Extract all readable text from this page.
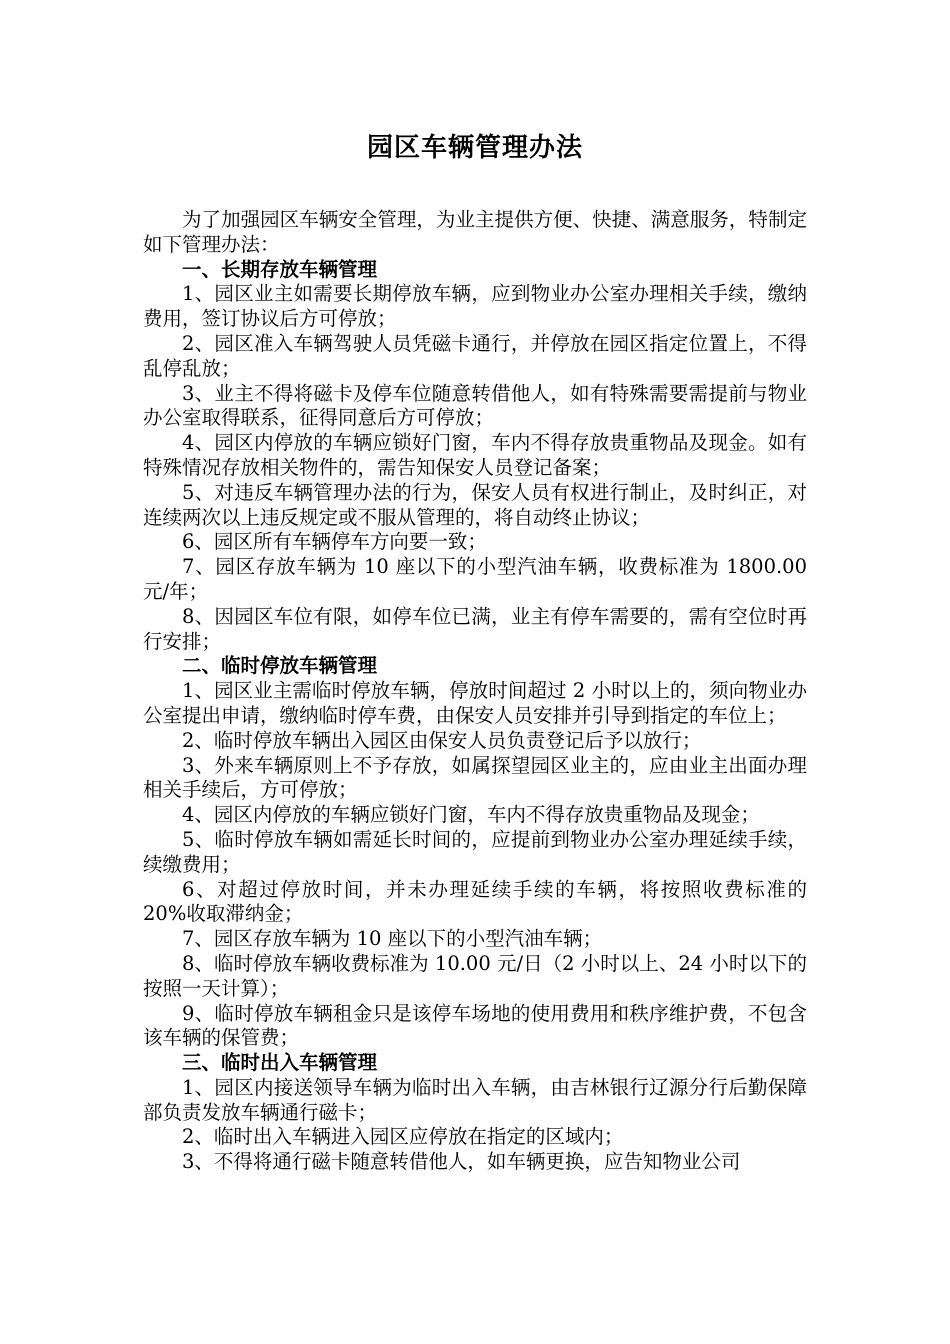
园区车辆管理办法

为了加强园区车辆安全管理，为业主提供方便、快捷、满意服务，特制定如下管理办法：

一、长期存放车辆管理

1、园区业主如需要长期停放车辆，应到物业办公室办理相关手续，缴纳费用，签订协议后方可停放；

2、园区准入车辆驾驶人员凭磁卡通行，并停放在园区指定位置上，不得乱停乱放；

3、业主不得将磁卡及停车位随意转借他人，如有特殊需要需提前与物业办公室取得联系，征得同意后方可停放；

4、园区内停放的车辆应锁好门窗，车内不得存放贵重物品及现金。如有特殊情况存放相关物件的，需告知保安人员登记备案；

5、对违反车辆管理办法的行为，保安人员有权进行制止，及时纠正，对连续两次以上违反规定或不服从管理的，将自动终止协议；

6、园区所有车辆停车方向要一致；

7、园区存放车辆为 10 座以下的小型汽油车辆，收费标准为 1800.00 元/年；

8、因园区车位有限，如停车位已满，业主有停车需要的，需有空位时再行安排；

二、临时停放车辆管理

1、园区业主需临时停放车辆，停放时间超过 2 小时以上的，须向物业办公室提出申请，缴纳临时停车费，由保安人员安排并引导到指定的车位上；

2、临时停放车辆出入园区由保安人员负责登记后予以放行；

3、外来车辆原则上不予存放，如属探望园区业主的，应由业主出面办理相关手续后，方可停放；

4、园区内停放的车辆应锁好门窗，车内不得存放贵重物品及现金；

5、临时停放车辆如需延长时间的，应提前到物业办公室办理延续手续，续缴费用；

6、对超过停放时间，并未办理延续手续的车辆，将按照收费标准的 20%收取滞纳金；

7、园区存放车辆为 10 座以下的小型汽油车辆；

8、临时停放车辆收费标准为 10.00 元/日（2 小时以上、24 小时以下的按照一天计算）；

9、临时停放车辆租金只是该停车场地的使用费用和秩序维护费，不包含该车辆的保管费；

三、临时出入车辆管理

1、园区内接送领导车辆为临时出入车辆，由吉林银行辽源分行后勤保障部负责发放车辆通行磁卡；

2、临时出入车辆进入园区应停放在指定的区域内；

3、不得将通行磁卡随意转借他人，如车辆更换，应告知物业公司
